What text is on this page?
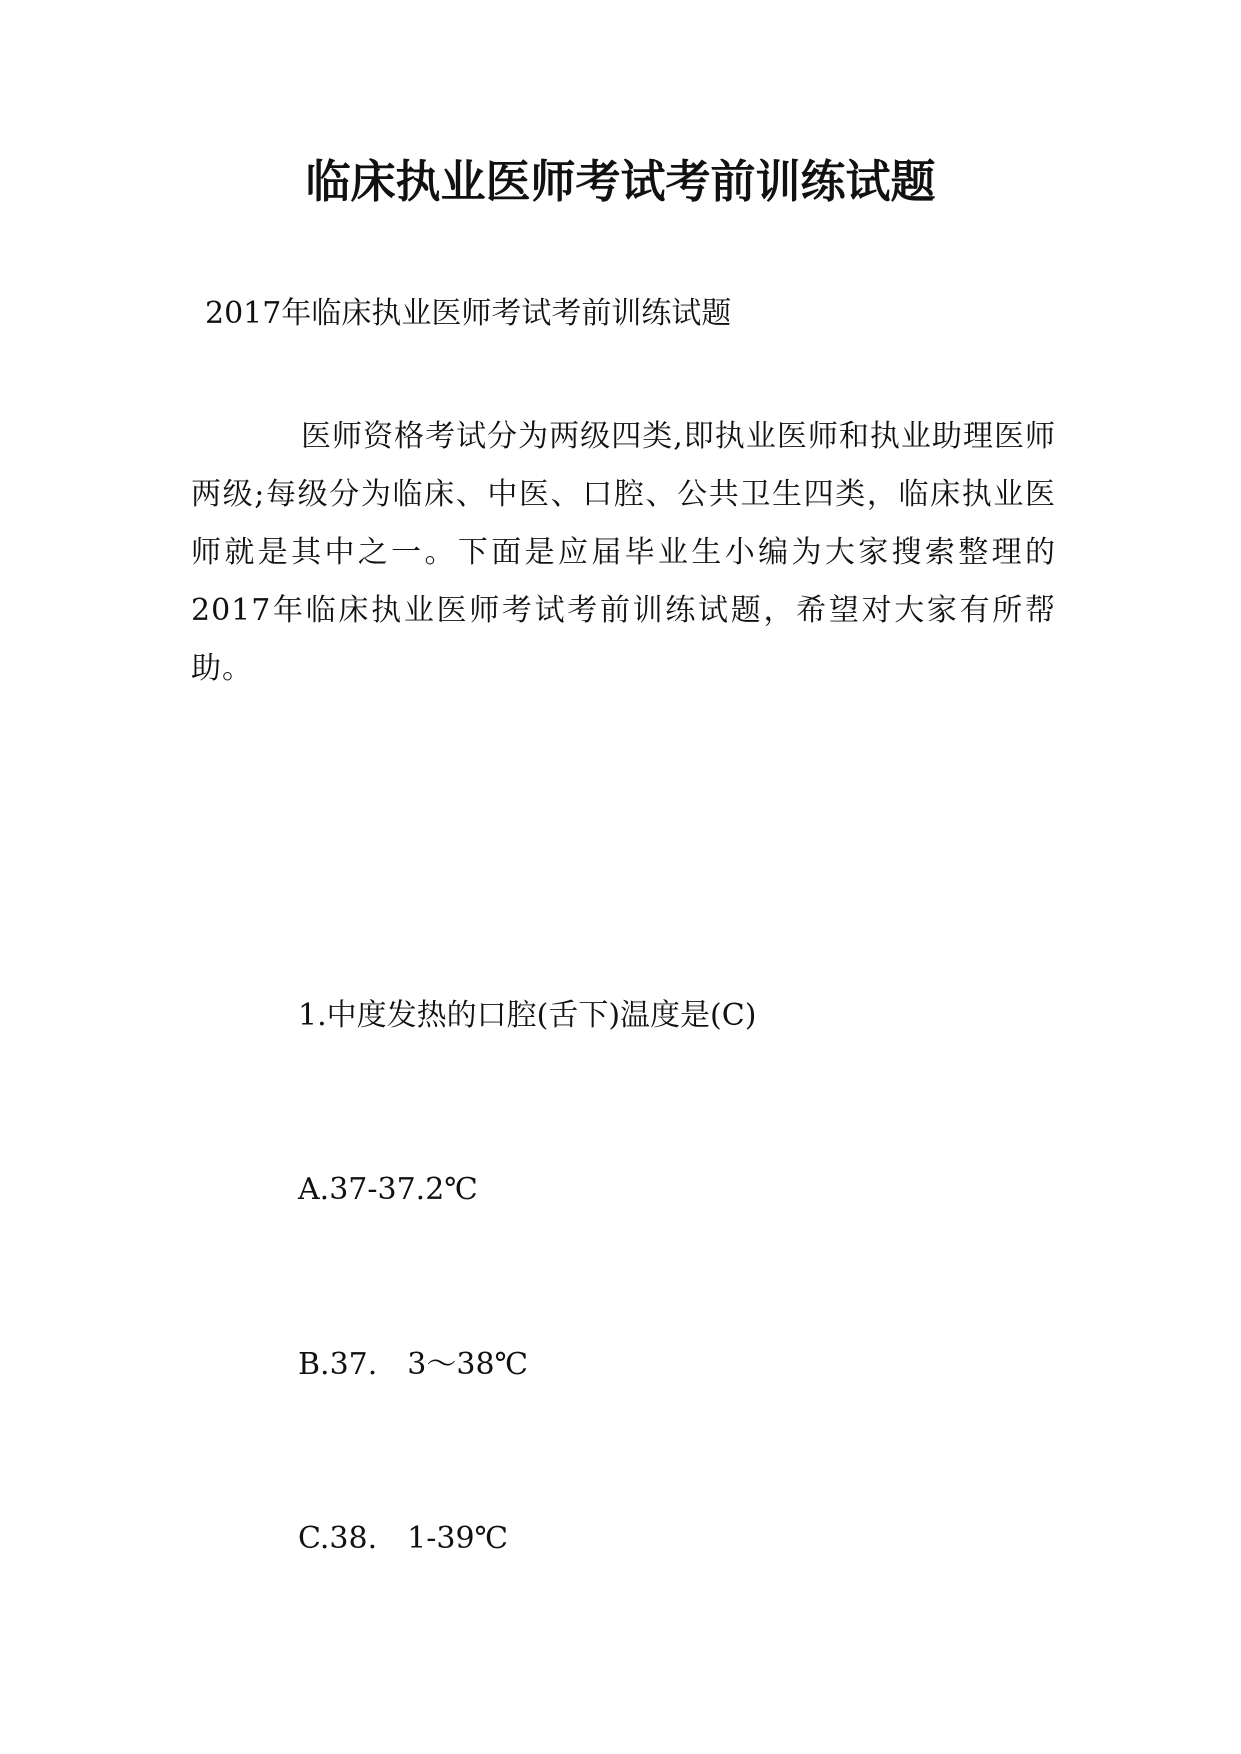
临床执业医师考试考前训练试题
2017年临床执业医师考试考前训练试题

医师资格考试分为两级四类,即执业医师和执业助理医师两级;每级分为临床、中医、口腔、公共卫生四类，临床执业医师就是其中之一。下面是应届毕业生小编为大家搜索整理的2017年临床执业医师考试考前训练试题，希望对大家有所帮助。

1.中度发热的口腔(舌下)温度是(C)
A.37-37.2℃
B.37.　3～38℃
C.38.　1-39℃
